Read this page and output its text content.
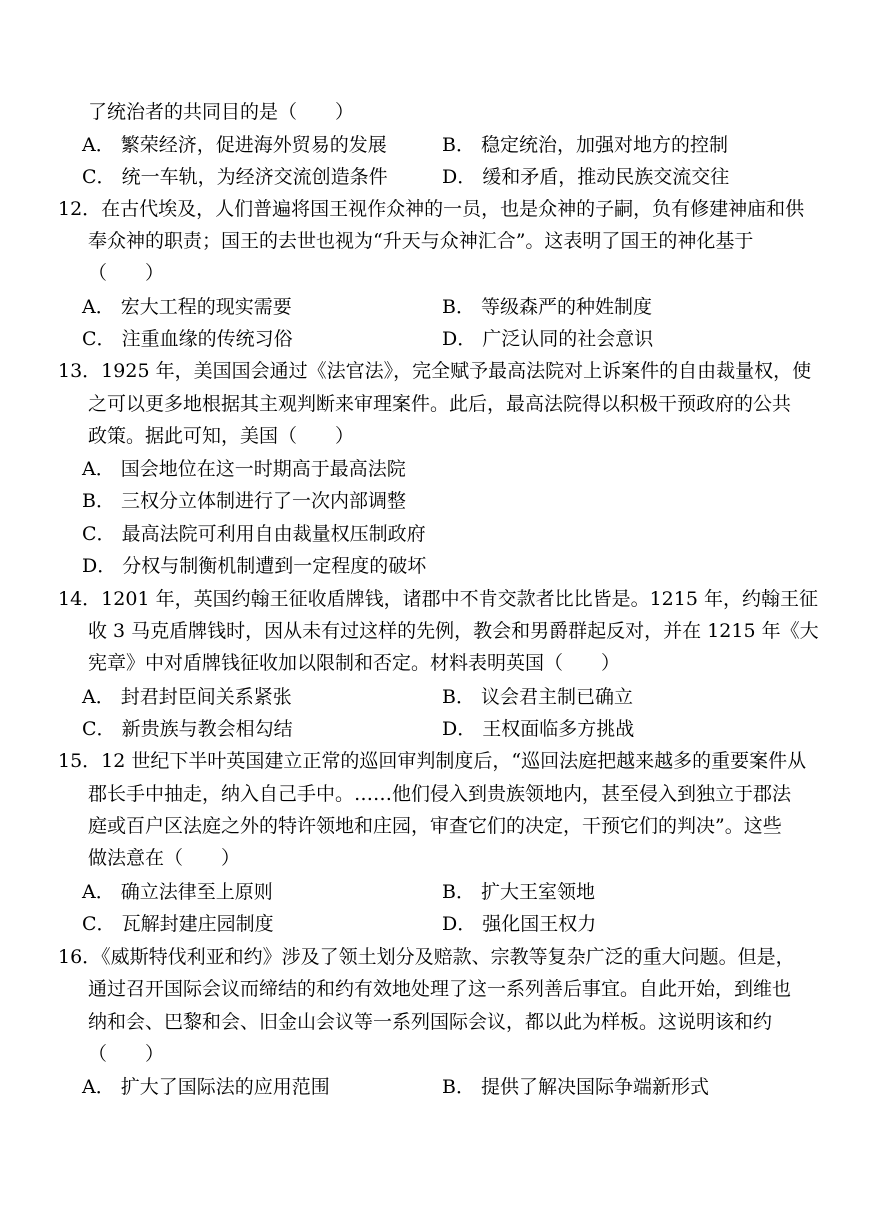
了统治者的共同目的是（　　）
A． 繁荣经济，促进海外贸易的发展	B． 稳定统治，加强对地方的控制
C． 统一车轨，为经济交流创造条件	D． 缓和矛盾，推动民族交流交往
12．在古代埃及，人们普遍将国王视作众神的一员，也是众神的子嗣，负有修建神庙和供
奉众神的职责；国王的去世也视为“升天与众神汇合”。这表明了国王的神化基于
（　　）
A． 宏大工程的现实需要	B． 等级森严的种姓制度
C． 注重血缘的传统习俗	D． 广泛认同的社会意识
13．1925 年，美国国会通过《法官法》，完全赋予最高法院对上诉案件的自由裁量权，使
之可以更多地根据其主观判断来审理案件。此后，最高法院得以积极干预政府的公共
政策。据此可知，美国（　　）
A． 国会地位在这一时期高于最高法院
B． 三权分立体制进行了一次内部调整
C． 最高法院可利用自由裁量权压制政府
D． 分权与制衡机制遭到一定程度的破坏
14．1201 年，英国约翰王征收盾牌钱，诸郡中不肯交款者比比皆是。1215 年，约翰王征
收 3 马克盾牌钱时，因从未有过这样的先例，教会和男爵群起反对，并在 1215 年《大
宪章》中对盾牌钱征收加以限制和否定。材料表明英国（　　）
A． 封君封臣间关系紧张	B． 议会君主制已确立
C． 新贵族与教会相勾结	D． 王权面临多方挑战
15．12 世纪下半叶英国建立正常的巡回审判制度后，“巡回法庭把越来越多的重要案件从
郡长手中抽走，纳入自己手中。……他们侵入到贵族领地内，甚至侵入到独立于郡法
庭或百户区法庭之外的特许领地和庄园，审查它们的决定，干预它们的判决”。这些
做法意在（　　）
A． 确立法律至上原则	B． 扩大王室领地
C． 瓦解封建庄园制度	D． 强化国王权力
16．《威斯特伐利亚和约》涉及了领土划分及赔款、宗教等复杂广泛的重大问题。但是，
通过召开国际会议而缔结的和约有效地处理了这一系列善后事宜。自此开始，到维也
纳和会、巴黎和会、旧金山会议等一系列国际会议，都以此为样板。这说明该和约
（　　）
A． 扩大了国际法的应用范围	B． 提供了解决国际争端新形式
